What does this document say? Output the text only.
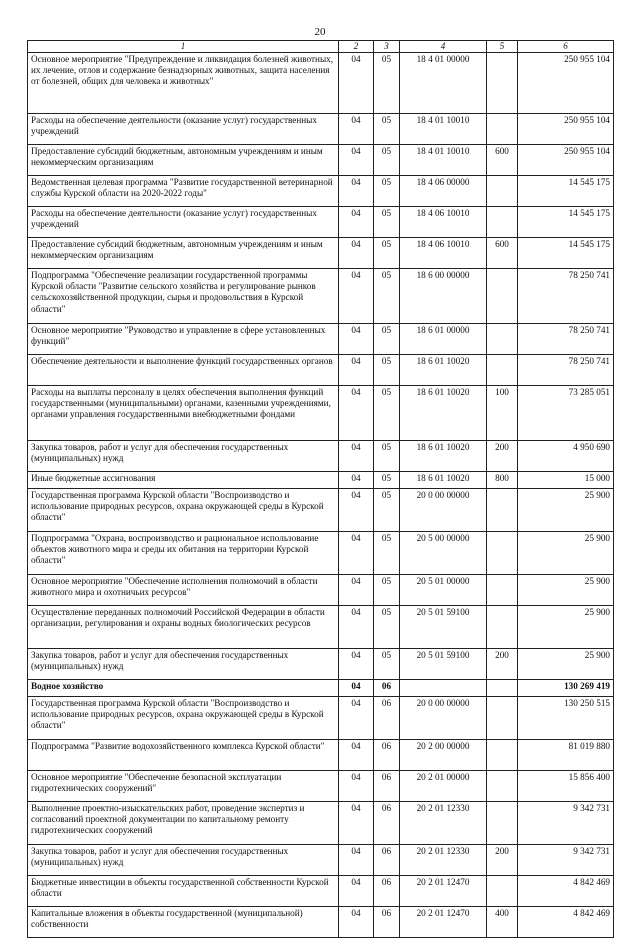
20
1	2	3	4	5	6
Основное мероприятие "Предупреждение и ликвидация болезней животных, их лечение, отлов и содержание безнадзорных животных, защита населения от болезней, общих для человека и животных"	04	05	18 4 01 00000		250 955 104
Расходы на обеспечение деятельности (оказание услуг) государственных учреждений	04	05	18 4 01 10010		250 955 104
Предоставление субсидий бюджетным, автономным учреждениям и иным некоммерческим организациям	04	05	18 4 01 10010	600	250 955 104
Ведомственная целевая программа "Развитие государственной ветеринарной службы Курской области на 2020-2022 годы"	04	05	18 4 06 00000		14 545 175
Расходы на обеспечение деятельности (оказание услуг) государственных учреждений	04	05	18 4 06 10010		14 545 175
Предоставление субсидий бюджетным, автономным учреждениям и иным некоммерческим организациям	04	05	18 4 06 10010	600	14 545 175
Подпрограмма "Обеспечение реализации государственной программы Курской области "Развитие сельского хозяйства и регулирование рынков сельскохозяйственной продукции, сырья и продовольствия в Курской области"	04	05	18 6 00 00000		78 250 741
Основное мероприятие "Руководство и управление в сфере установленных функций"	04	05	18 6 01 00000		78 250 741
Обеспечение деятельности и выполнение функций государственных органов	04	05	18 6 01 10020		78 250 741
Расходы на выплаты персоналу в целях обеспечения выполнения функций государственными (муниципальными) органами, казенными учреждениями, органами управления государственными внебюджетными фондами	04	05	18 6 01 10020	100	73 285 051
Закупка товаров, работ и услуг для обеспечения государственных (муниципальных) нужд	04	05	18 6 01 10020	200	4 950 690
Иные бюджетные ассигнования	04	05	18 6 01 10020	800	15 000
Государственная программа Курской области "Воспроизводство и использование природных ресурсов, охрана окружающей среды в Курской области"	04	05	20 0 00 00000		25 900
Подпрограмма "Охрана, воспроизводство и рациональное использование объектов животного мира и среды их обитания на территории Курской области"	04	05	20 5 00 00000		25 900
Основное мероприятие "Обеспечение исполнения полномочий в области животного мира и охотничьих ресурсов"	04	05	20 5 01 00000		25 900
Осуществление переданных полномочий Российской Федерации в области организации, регулирования и охраны водных биологических ресурсов	04	05	20 5 01 59100		25 900
Закупка товаров, работ и услуг для обеспечения государственных (муниципальных) нужд	04	05	20 5 01 59100	200	25 900
Водное хозяйство	04	06			130 269 419
Государственная программа Курской области "Воспроизводство и использование природных ресурсов, охрана окружающей среды в Курской области"	04	06	20 0 00 00000		130 250 515
Подпрограмма "Развитие водохозяйственного комплекса Курской области"	04	06	20 2 00 00000		81 019 880
Основное мероприятие "Обеспечение безопасной эксплуатации гидротехнических сооружений"	04	06	20 2 01 00000		15 856 400
Выполнение проектно-изыскательских работ, проведение экспертиз и согласований проектной документации по капитальному ремонту гидротехнических сооружений	04	06	20 2 01 12330		9 342 731
Закупка товаров, работ и услуг для обеспечения государственных (муниципальных) нужд	04	06	20 2 01 12330	200	9 342 731
Бюджетные инвестиции в объекты государственной собственности Курской области	04	06	20 2 01 12470		4 842 469
Капитальные вложения в объекты государственной (муниципальной) собственности	04	06	20 2 01 12470	400	4 842 469
